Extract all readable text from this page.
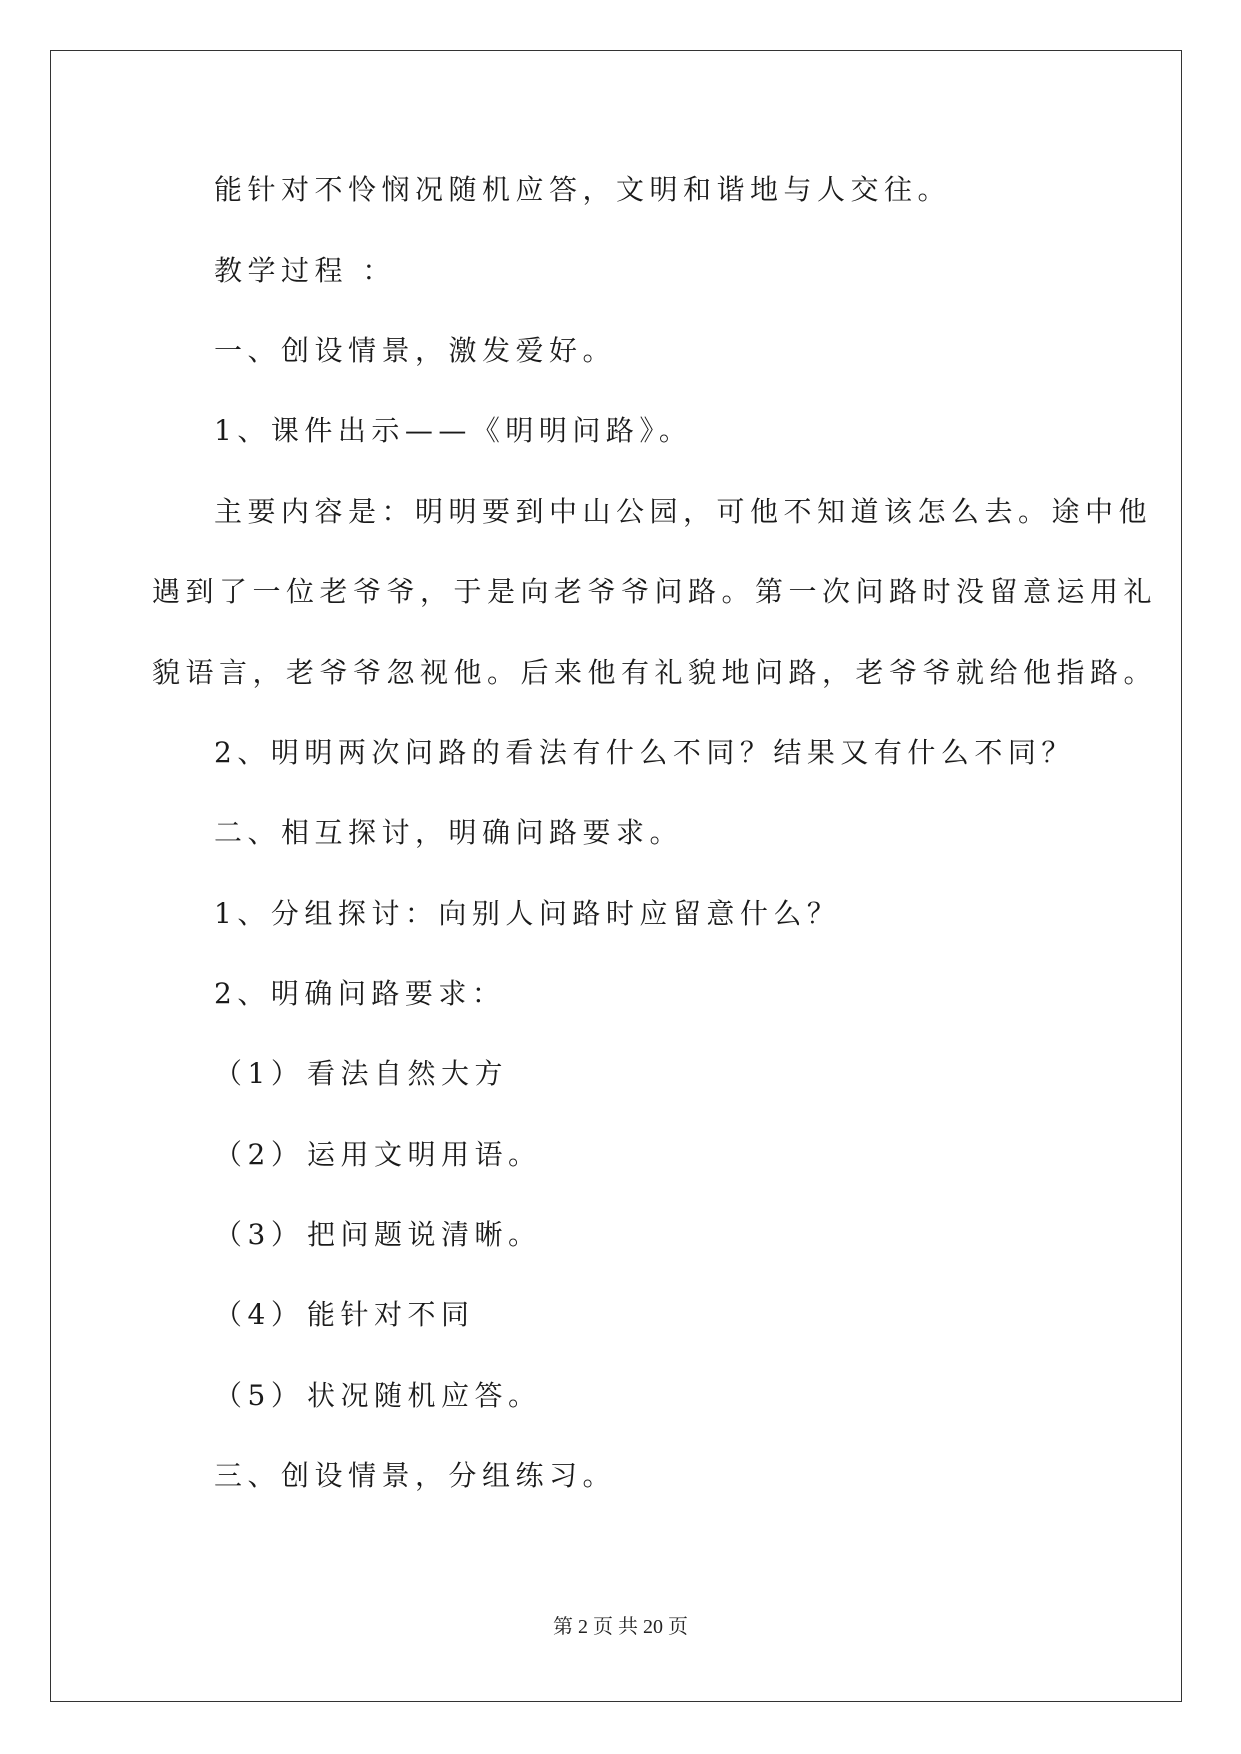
能针对不怜悯况随机应答，文明和谐地与人交往。
教学过程 ：
一、创设情景，激发爱好。
1、课件出示——《明明问路》。
主要内容是：明明要到中山公园，可他不知道该怎么去。途中他
遇到了一位老爷爷，于是向老爷爷问路。第一次问路时没留意运用礼
貌语言，老爷爷忽视他。后来他有礼貌地问路，老爷爷就给他指路。
2、明明两次问路的看法有什么不同？结果又有什么不同？
二、相互探讨，明确问路要求。
1、分组探讨：向别人问路时应留意什么？
2、明确问路要求：
（1） 看法自然大方
（2） 运用文明用语。
（3） 把问题说清晰。
（4） 能针对不同
（5） 状况随机应答。
三、创设情景，分组练习。
第 2 页 共 20 页
